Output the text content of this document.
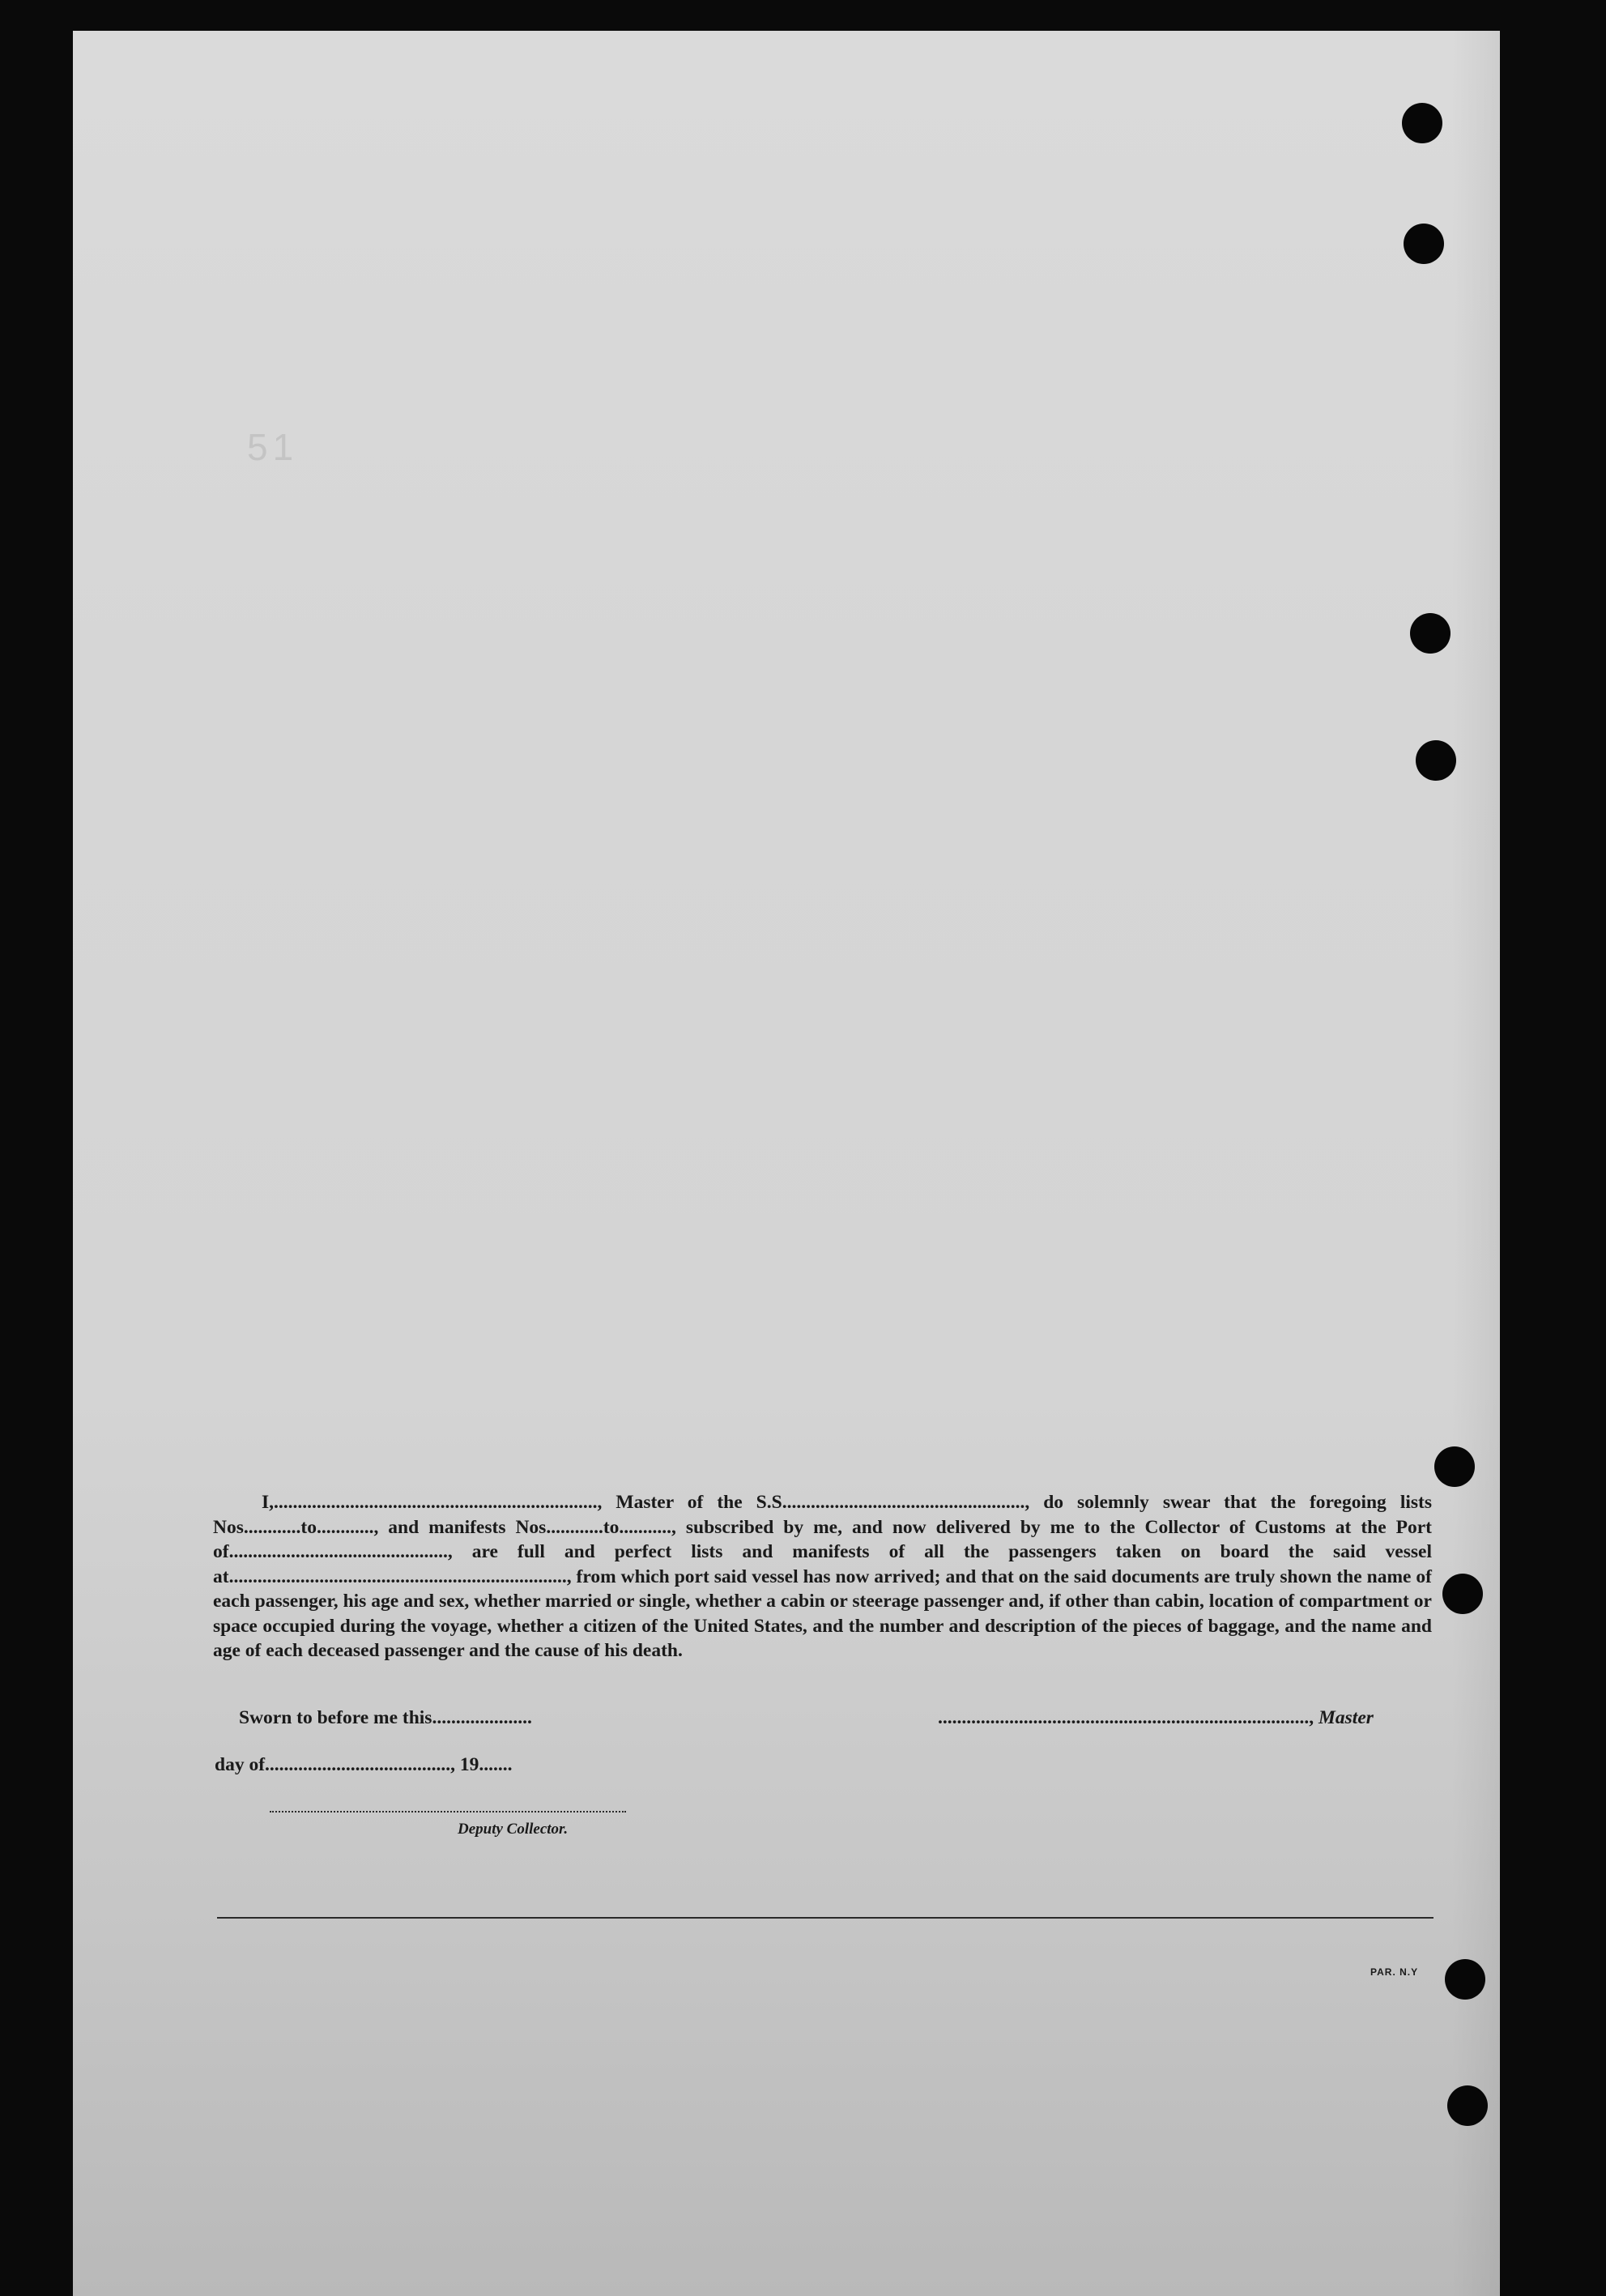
51

I,...................................................................., Master of the S.S..................................................., do solemnly swear that the foregoing lists Nos............to............, and manifests Nos............to..........., subscribed by me, and now delivered by me to the Collector of Customs at the Port of.............................................., are full and perfect lists and manifests of all the passengers taken on board the said vessel at......................................................................., from which port said vessel has now arrived; and that on the said documents are truly shown the name of each passenger, his age and sex, whether married or single, whether a cabin or steerage passenger and, if other than cabin, location of compartment or space occupied during the voyage, whether a citizen of the United States, and the number and description of the pieces of baggage, and the name and age of each deceased passenger and the cause of his death.

Sworn to before me this.....................	.............................................................................., Master
day of......................................., 19.......
Deputy Collector.
PAR. N.Y
